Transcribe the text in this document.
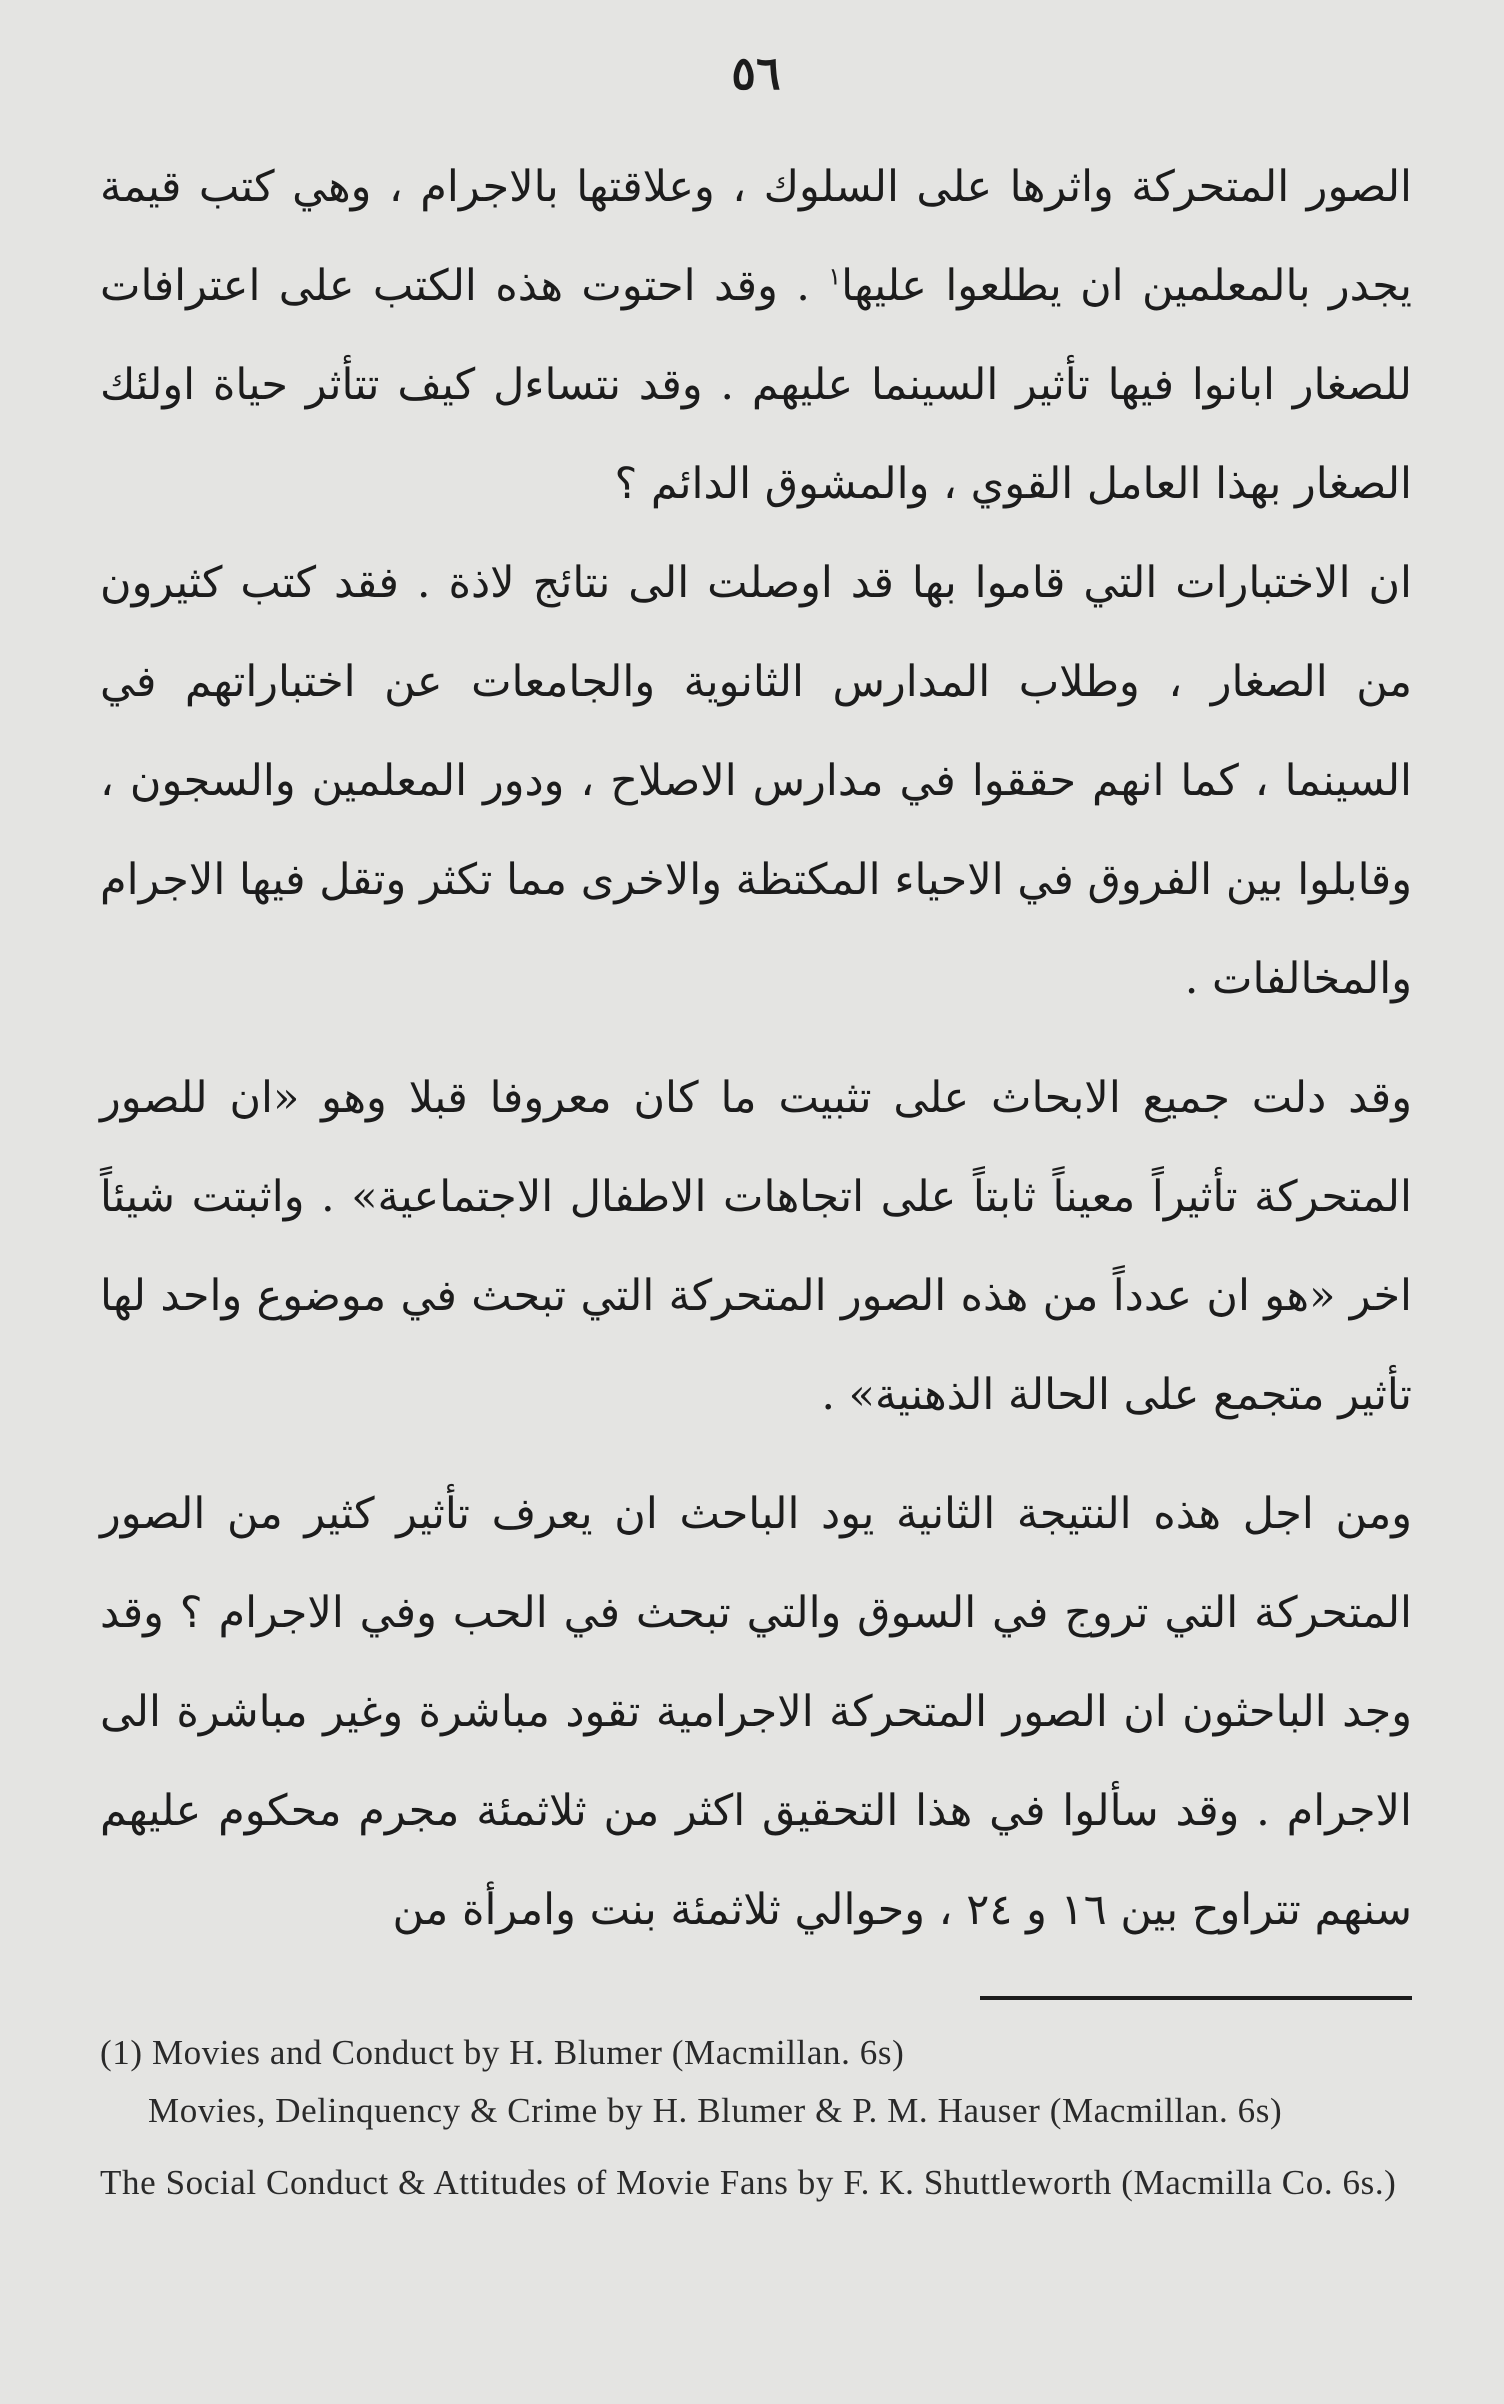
٥٦

الصور المتحركة واثرها على السلوك ، وعلاقتها بالاجرام ، وهي كتب قيمة يجدر بالمعلمين ان يطلعوا عليها$^١$ . وقد احتوت هذه الكتب على اعترافات للصغار ابانوا فيها تأثير السينما عليهم . وقد نتساءل كيف تتأثر حياة اولئك الصغار بهذا العامل القوي ، والمشوق الدائم ؟

ان الاختبارات التي قاموا بها قد اوصلت الى نتائج لاذة . فقد كتب كثيرون من الصغار ، وطلاب المدارس الثانوية والجامعات عن اختباراتهم في السينما ، كما انهم حققوا في مدارس الاصلاح ، ودور المعلمين والسجون ، وقابلوا بين الفروق في الاحياء المكتظة والاخرى مما تكثر وتقل فيها الاجرام والمخالفات .

وقد دلت جميع الابحاث على تثبيت ما كان معروفا قبلا وهو «ان للصور المتحركة تأثيراً معيناً ثابتاً على اتجاهات الاطفال الاجتماعية» . واثبتت شيئاً اخر «هو ان عدداً من هذه الصور المتحركة التي تبحث في موضوع واحد لها تأثير متجمع على الحالة الذهنية» .

ومن اجل هذه النتيجة الثانية يود الباحث ان يعرف تأثير كثير من الصور المتحركة التي تروج في السوق والتي تبحث في الحب وفي الاجرام ؟ وقد وجد الباحثون ان الصور المتحركة الاجرامية تقود مباشرة وغير مباشرة الى الاجرام . وقد سألوا في هذا التحقيق اكثر من ثلاثمئة مجرم محكوم عليهم سنهم تتراوح بين ١٦ و ٢٤ ، وحوالي ثلاثمئة بنت وامرأة من

(1) Movies and Conduct by H. Blumer (Macmillan. 6s)

Movies, Delinquency & Crime by H. Blumer & P. M. Hauser (Macmillan. 6s)

The Social Conduct & Attitudes of Movie Fans by F. K. Shuttleworth (Macmilla Co. 6s.)
